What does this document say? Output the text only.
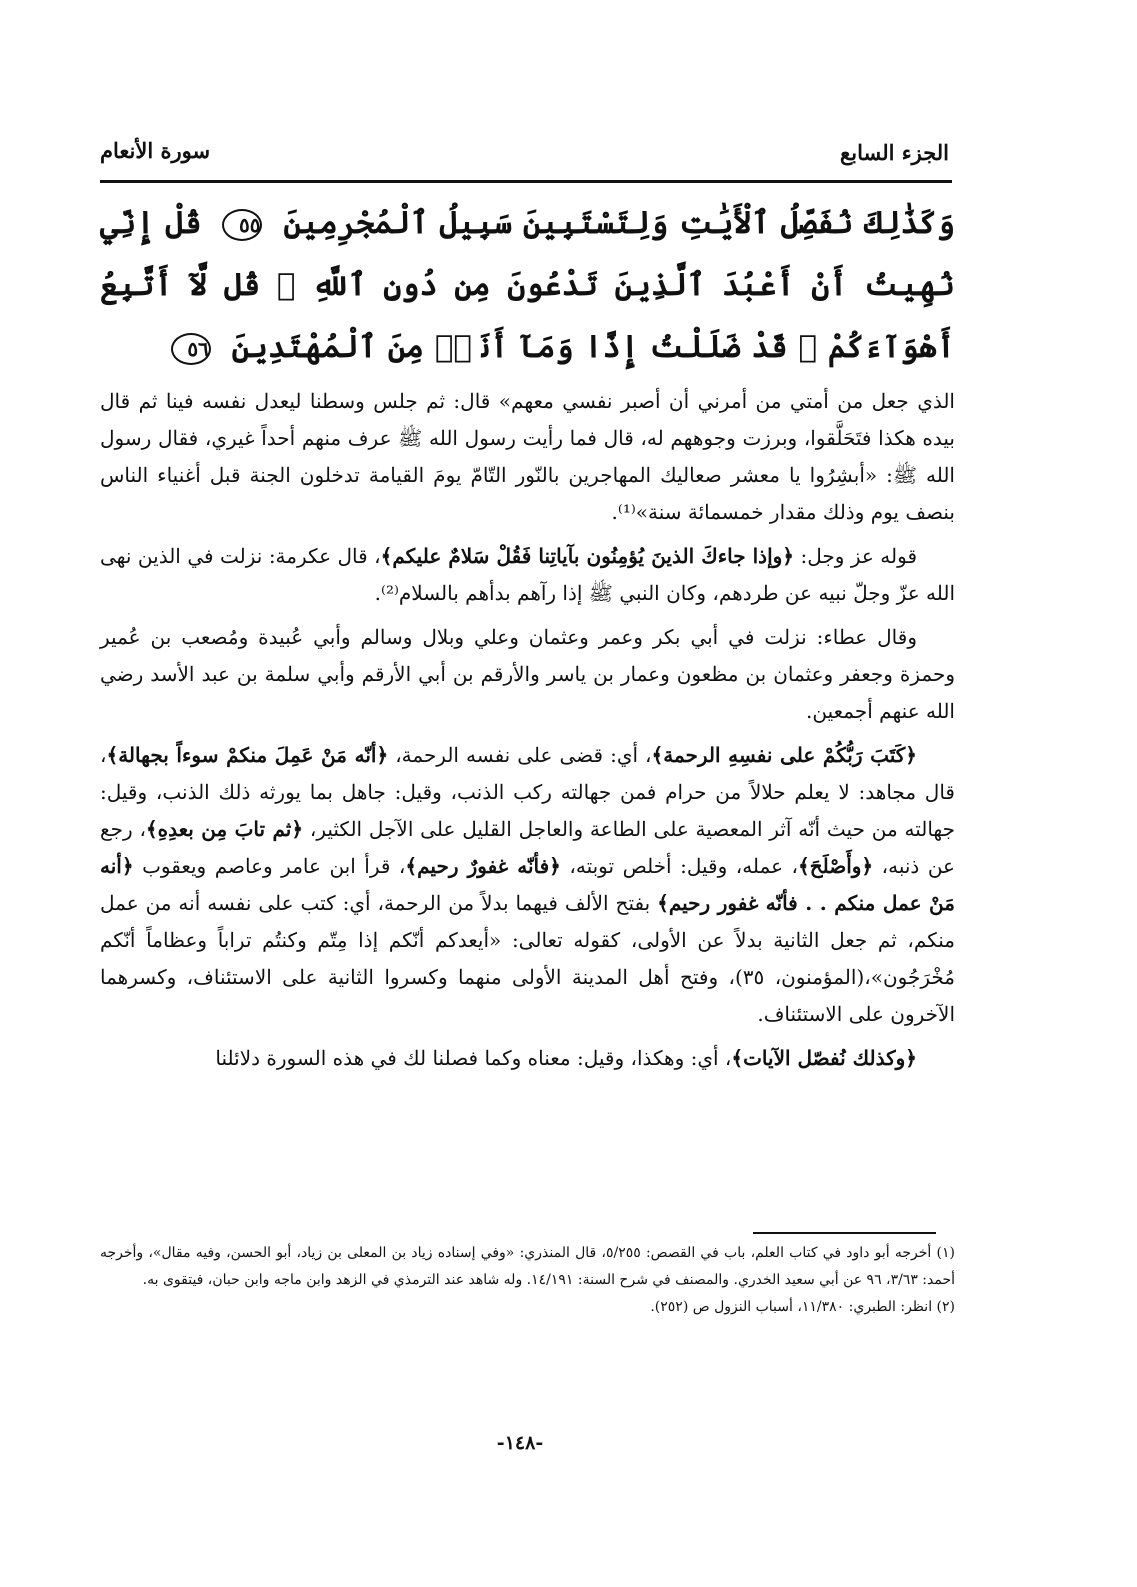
الجزء السابع
سورة الأنعام
وَكَذَٰلِكَ نُفَصِّلُ ٱلْأَيَٰتِ وَلِتَسْتَبِينَ سَبِيلُ ٱلْمُجْرِمِينَ ٥٥ قُلْ إِنِّي نُهِيتُ أَنْ أَعْبُدَ ٱلَّذِينَ تَدْعُونَ مِن دُونِ ٱللَّهِ ۚ قُل لَّآ أَتَّبِعُ أَهْوَآءَكُمْ ۙ قَدْ ضَلَلْتُ إِذًا وَمَآ أَنَا۠ مِنَ ٱلْمُهْتَدِينَ ٥٦

الذي جعل من أمتي من أمرني أن أصبر نفسي معهم» قال: ثم جلس وسطنا ليعدل نفسه فينا ثم قال بيده هكذا فتَحَلَّقوا، وبرزت وجوههم له، قال فما رأيت رسول الله ﷺ عرف منهم أحداً غيري، فقال رسول الله ﷺ: «أبشِرُوا يا معشر صعاليك المهاجرين بالنّور التّامّ يومَ القيامة تدخلون الجنة قبل أغنياء الناس بنصف يوم وذلك مقدار خمسمائة سنة»⁽¹⁾.

قوله عز وجل: ﴿وإذا جاءكَ الذينَ يُؤمِنُون بآياتِنا فَقُلْ سَلامٌ عليكم﴾، قال عكرمة: نزلت في الذين نهى الله عزّ وجلّ نبيه عن طردهم، وكان النبي ﷺ إذا رآهم بدأهم بالسلام⁽²⁾.

وقال عطاء: نزلت في أبي بكر وعمر وعثمان وعلي وبلال وسالم وأبي عُبيدة ومُصعب بن عُمير وحمزة وجعفر وعثمان بن مظعون وعمار بن ياسر والأرقم بن أبي الأرقم وأبي سلمة بن عبد الأسد رضي الله عنهم أجمعين.

﴿كَتَبَ رَبُّكُمْ على نفسِهِ الرحمة﴾، أي: قضى على نفسه الرحمة، ﴿أنّه مَنْ عَمِلَ منكمْ سوءاً بجهالة﴾، قال مجاهد: لا يعلم حلالاً من حرام فمن جهالته ركب الذنب، وقيل: جاهل بما يورثه ذلك الذنب، وقيل: جهالته من حيث أنّه آثر المعصية على الطاعة والعاجل القليل على الآجل الكثير، ﴿ثم تابَ مِن بعدِهِ﴾، رجع عن ذنبه، ﴿وأَصْلَحَ﴾، عمله، وقيل: أخلص توبته، ﴿فأنّه غفورٌ رحيم﴾، قرأ ابن عامر وعاصم ويعقوب ﴿أنه مَنْ عمل منكم . . فأنّه غفور رحيم﴾ بفتح الألف فيهما بدلاً من الرحمة، أي: كتب على نفسه أنه من عمل منكم، ثم جعل الثانية بدلاً عن الأولى، كقوله تعالى: «أيعدكم أنّكم إذا مِتّم وكنتُم تراباً وعظاماً أنّكم مُخْرَجُون»،(المؤمنون، ٣٥)، وفتح أهل المدينة الأولى منهما وكسروا الثانية على الاستئناف، وكسرهما الآخرون على الاستئناف.

﴿وكذلك نُفصّل الآيات﴾، أي: وهكذا، وقيل: معناه وكما فصلنا لك في هذه السورة دلائلنا

(١) أخرجه أبو داود في كتاب العلم، باب في القصص: ٥/٢٥٥، قال المنذري: «وفي إسناده زياد بن المعلى بن زياد، أبو الحسن، وفيه مقال»، وأخرجه أحمد: ٣/٦٣، ٩٦ عن أبي سعيد الخدري. والمصنف في شرح السنة: ١٤/١٩١. وله شاهد عند الترمذي في الزهد وابن ماجه وابن حبان، فيتقوى به.

(٢) انظر: الطبري: ١١/٣٨٠، أسباب النزول ص (٢٥٢).

-١٤٨-
